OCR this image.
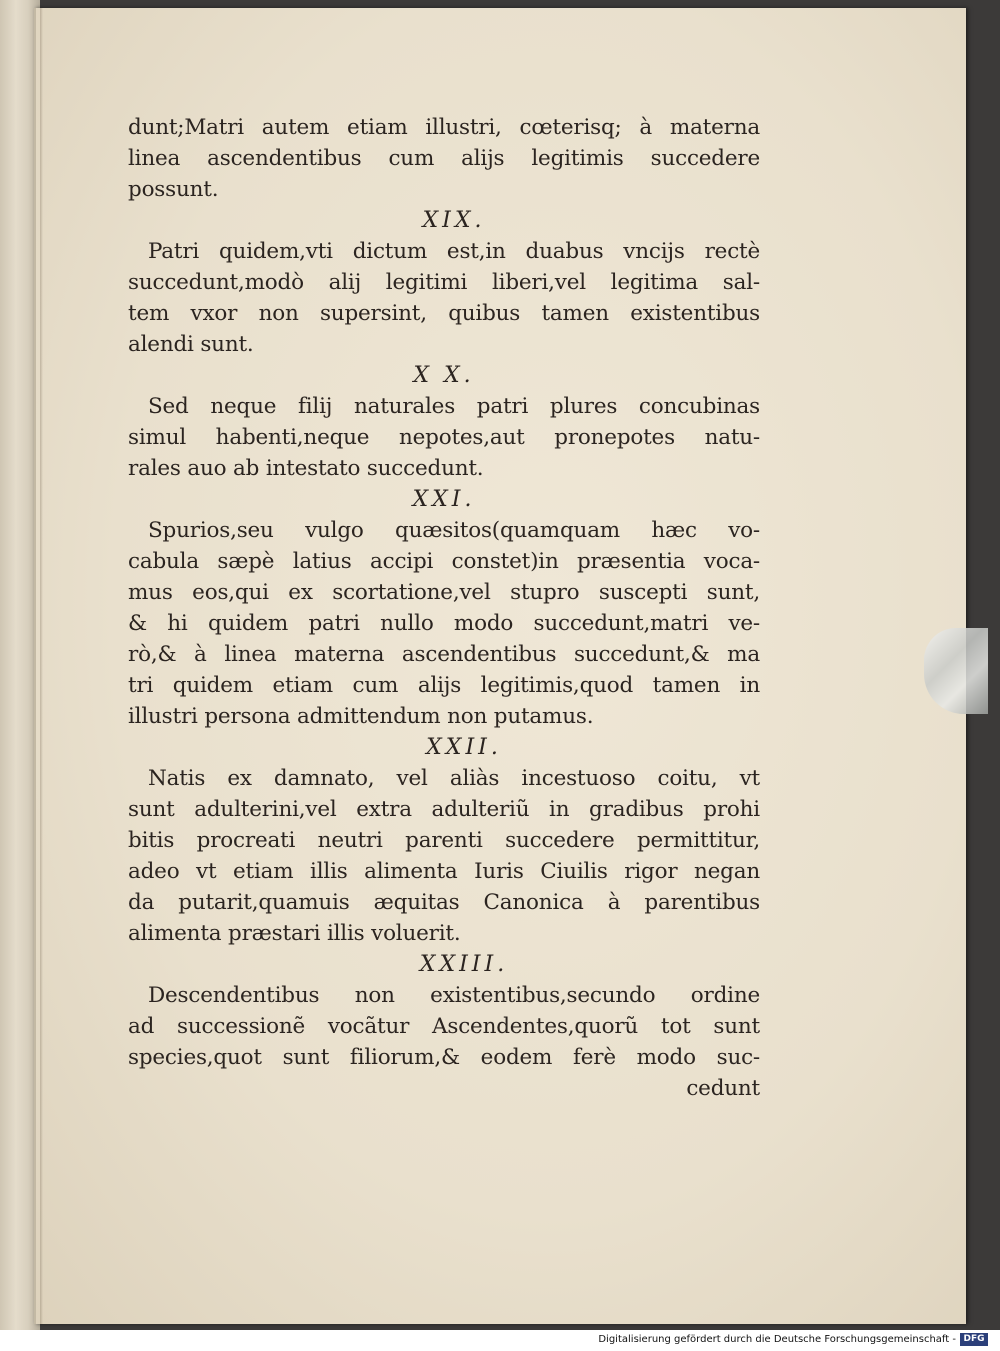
dunt;Matri autem etiam illustri, cœterisq; à materna
linea ascendentibus cum alijs legitimis succedere
possunt.
XIX.
Patri quidem,vti dictum est,in duabus vncijs rectè
succedunt,modò alij legitimi liberi,vel legitima sal-
tem vxor non supersint, quibus tamen existentibus
alendi sunt.
X X.
Sed neque filij naturales patri plures concubinas
simul habenti,neque nepotes,aut pronepotes natu-
rales auo ab intestato succedunt.
XXI.
Spurios,seu vulgo quæsitos(quamquam hæc vo-
cabula sæpè latius accipi constet)in præsentia voca-
mus eos,qui ex scortatione,vel stupro suscepti sunt,
& hi quidem patri nullo modo succedunt,matri ve-
rò,& à linea materna ascendentibus succedunt,& ma
tri quidem etiam cum alijs legitimis,quod tamen in
illustri persona admittendum non putamus.
XXII.
Natis ex damnato, vel aliàs incestuoso coitu, vt
sunt adulterini,vel extra adulteriũ in gradibus prohi
bitis procreati neutri parenti succedere permittitur,
adeo vt etiam illis alimenta Iuris Ciuilis rigor negan
da putarit,quamuis æquitas Canonica à parentibus
alimenta præstari illis voluerit.
XXIII.
Descendentibus non existentibus,secundo ordine
ad successionẽ vocãtur Ascendentes,quorũ tot sunt
species,quot sunt filiorum,& eodem ferè modo suc-
cedunt
Digitalisierung gefördert durch die Deutsche Forschungsgemeinschaft - DFG
